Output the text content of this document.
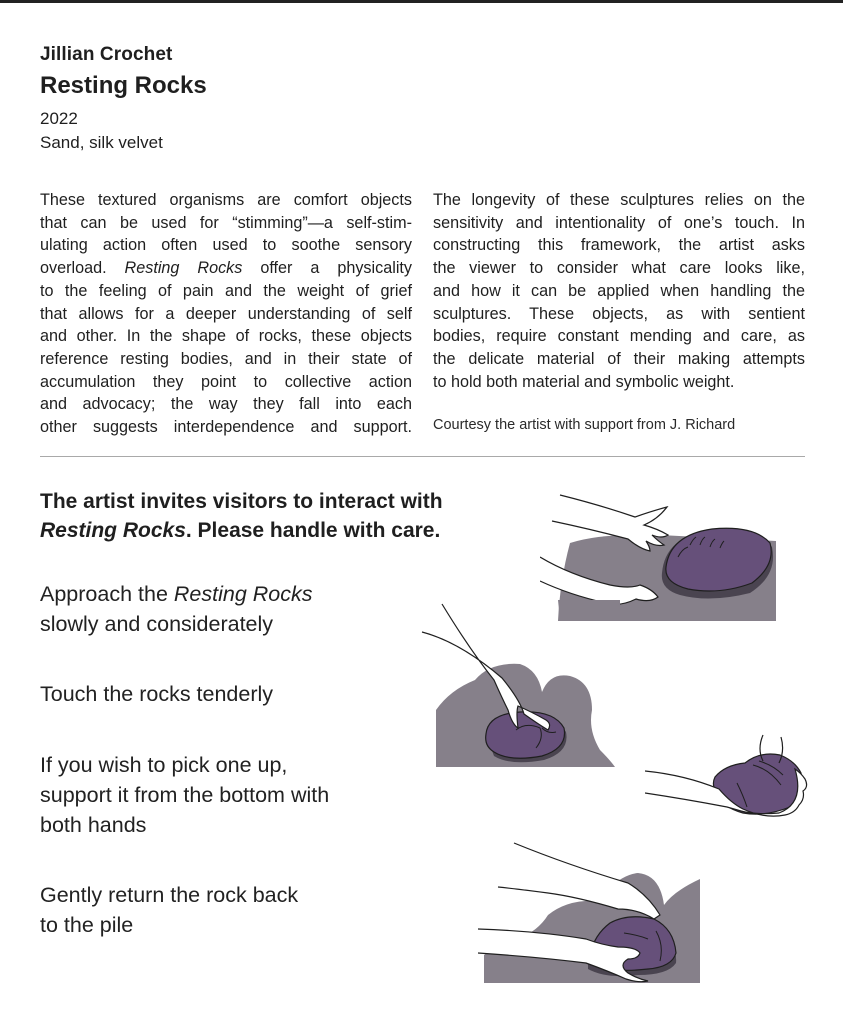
Jillian Crochet
Resting Rocks
2022
Sand, silk velvet
These textured organisms are comfort objects
that can be used for “stimming”—a self-stim-
ulating action often used to soothe sensory
overload. Resting Rocks offer a physicality
to the feeling of pain and the weight of grief
that allows for a deeper understanding of self
and other. In the shape of rocks, these objects
reference resting bodies, and in their state of
accumulation they point to collective action
and advocacy; the way they fall into each
other suggests interdependence and support.
The longevity of these sculptures relies on the
sensitivity and intentionality of one’s touch. In
constructing this framework, the artist asks
the viewer to consider what care looks like,
and how it can be applied when handling the
sculptures. These objects, as with sentient
bodies, require constant mending and care, as
the delicate material of their making attempts
to hold both material and symbolic weight.
Courtesy the artist with support from J. Richard
The artist invites visitors to interact with
Resting Rocks. Please handle with care.
Approach the Resting Rocks
slowly and considerately
Touch the rocks tenderly
If you wish to pick one up,
support it from the bottom with
both hands
Gently return the rock back
to the pile
